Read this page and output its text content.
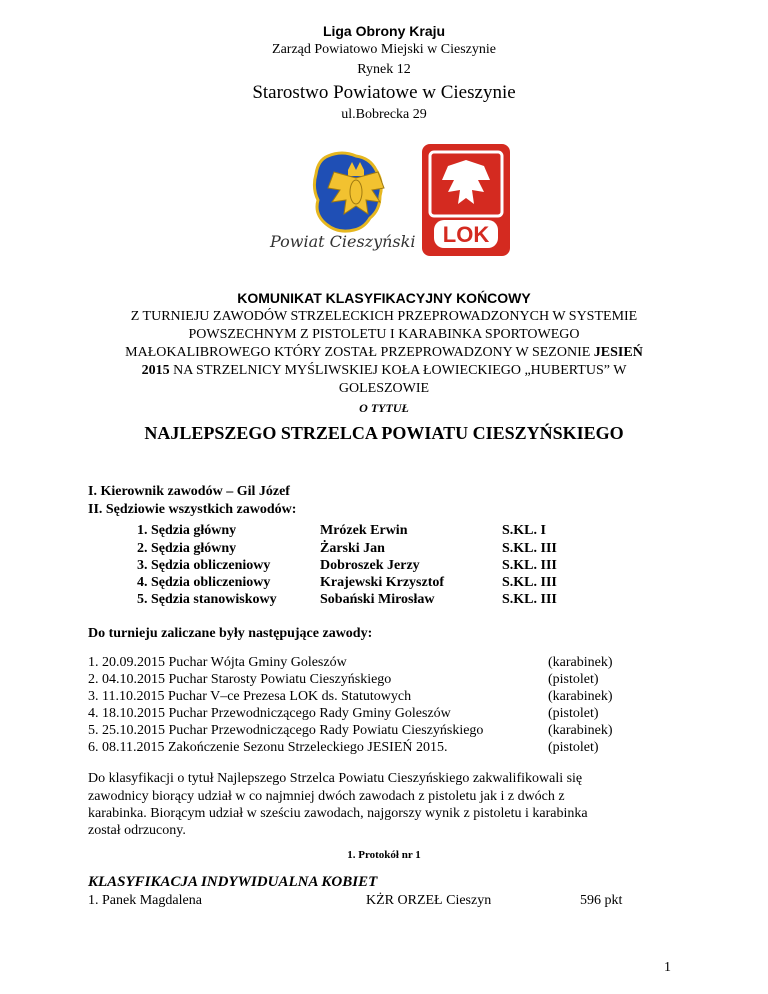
Liga Obrony Kraju
Zarząd Powiatowo Miejski w Cieszynie
Rynek 12
Starostwo Powiatowe w Cieszynie
ul.Bobrecka 29
Powiat Cieszyński LOK
KOMUNIKAT KLASYFIKACYJNY KOŃCOWY
Z TURNIEJU ZAWODÓW STRZELECKICH PRZEPROWADZONYCH W SYSTEMIE
POWSZECHNYM Z PISTOLETU I KARABINKA SPORTOWEGO
MAŁOKALIBROWEGO KTÓRY ZOSTAŁ PRZEPROWADZONY W SEZONIE JESIEŃ
2015 NA STRZELNICY MYŚLIWSKIEJ KOŁA ŁOWIECKIEGO „HUBERTUS” W
GOLESZOWIE
O TYTUŁ
NAJLEPSZEGO STRZELCA POWIATU CIESZYŃSKIEGO
I. Kierownik zawodów – Gil Józef
II. Sędziowie wszystkich zawodów:
1. Sędzia główny	Mrózek Erwin	S.KL. I
2. Sędzia główny	Żarski Jan	S.KL. III
3. Sędzia obliczeniowy	Dobroszek Jerzy	S.KL. III
4. Sędzia obliczeniowy	Krajewski Krzysztof	S.KL. III
5. Sędzia stanowiskowy	Sobański Mirosław	S.KL. III
Do turnieju zaliczane były następujące zawody:
1. 20.09.2015 Puchar Wójta Gminy Goleszów	(karabinek)
2. 04.10.2015 Puchar Starosty Powiatu Cieszyńskiego	(pistolet)
3. 11.10.2015 Puchar V–ce Prezesa LOK ds. Statutowych	(karabinek)
4. 18.10.2015 Puchar Przewodniczącego Rady Gminy Goleszów	(pistolet)
5. 25.10.2015 Puchar Przewodniczącego Rady Powiatu Cieszyńskiego	(karabinek)
6. 08.11.2015 Zakończenie Sezonu Strzeleckiego JESIEŃ 2015.	(pistolet)
Do klasyfikacji o tytuł Najlepszego Strzelca Powiatu Cieszyńskiego zakwalifikowali się
zawodnicy biorący udział w co najmniej dwóch zawodach z pistoletu jak i z dwóch z
karabinka. Biorącym udział w sześciu zawodach, najgorszy wynik z pistoletu i karabinka
został odrzucony.
1. Protokół nr 1
KLASYFIKACJA INDYWIDUALNA KOBIET
1. Panek Magdalena	KŻR ORZEŁ Cieszyn	596 pkt
1
